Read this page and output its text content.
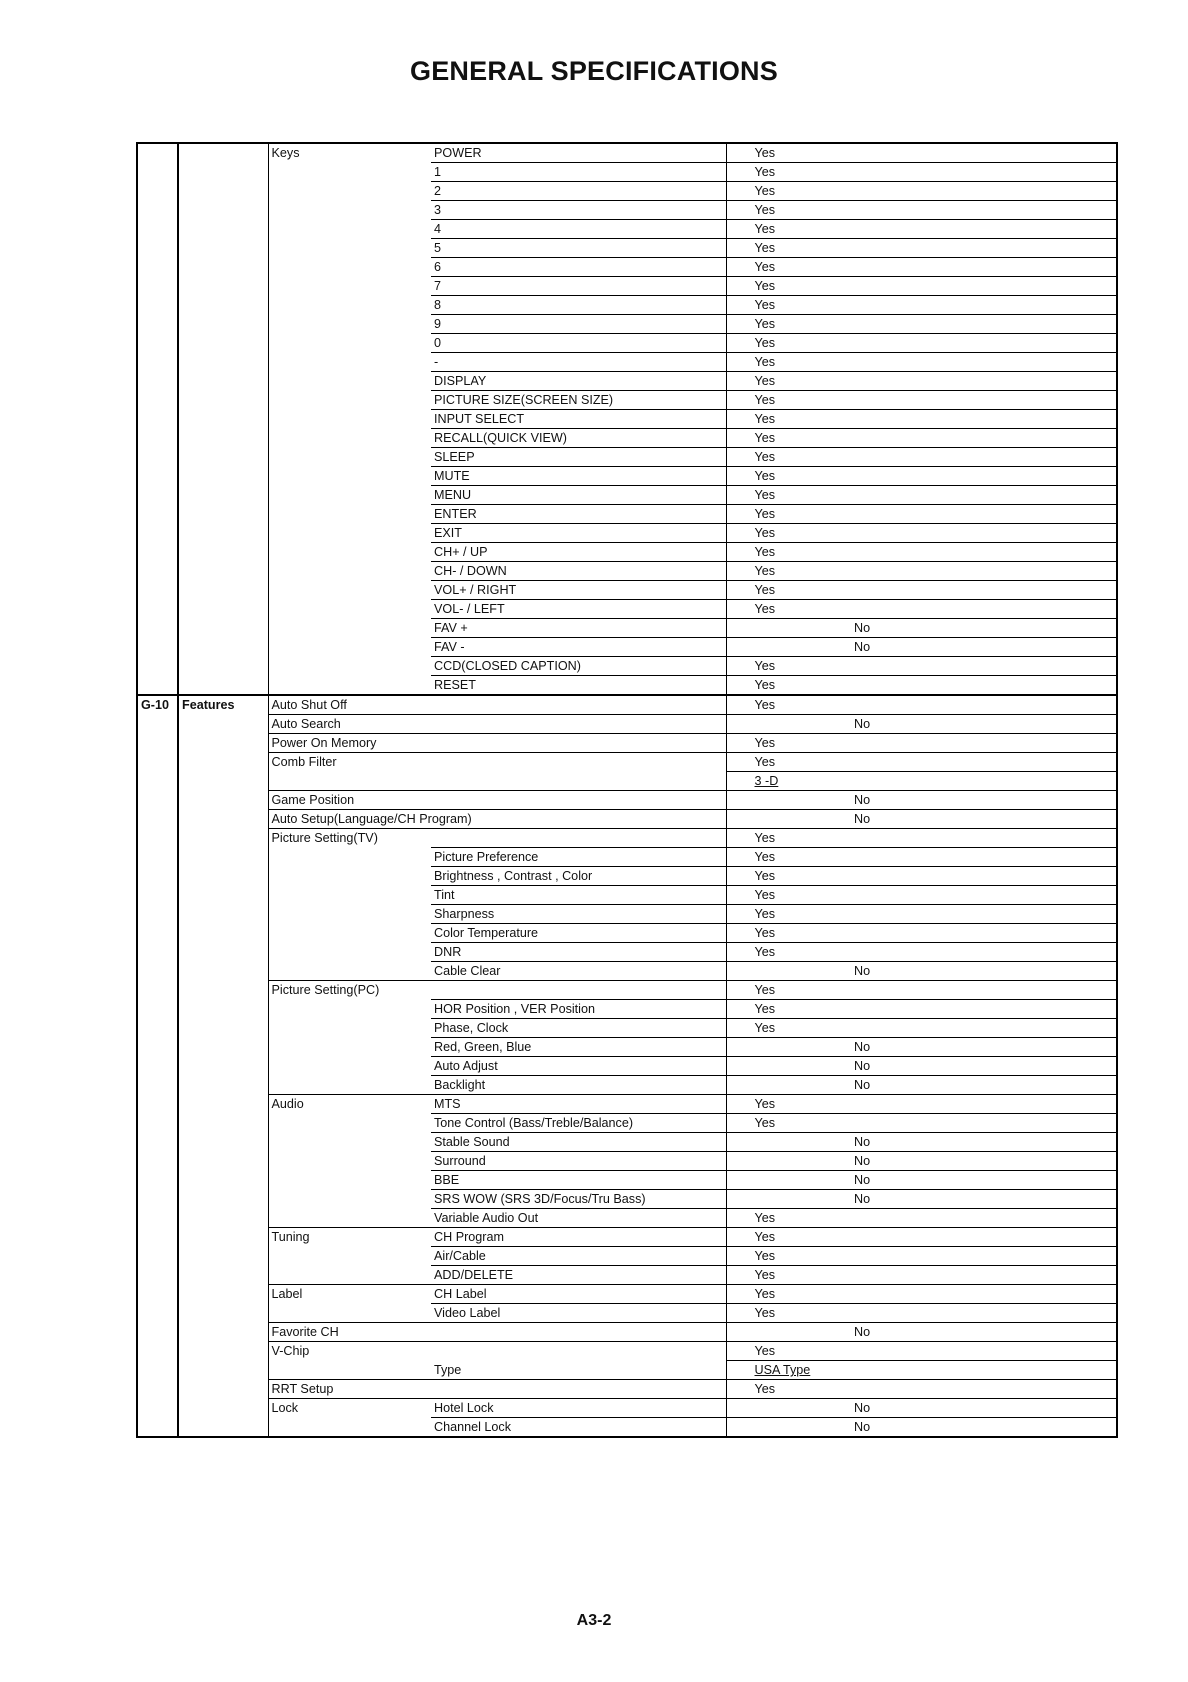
GENERAL SPECIFICATIONS
		Keys	POWER	Yes	
			1	Yes	
			2	Yes	
			3	Yes	
			4	Yes	
			5	Yes	
			6	Yes	
			7	Yes	
			8	Yes	
			9	Yes	
			0	Yes	
			-	Yes	
			DISPLAY	Yes	
			PICTURE SIZE(SCREEN SIZE)	Yes	
			INPUT SELECT	Yes	
			RECALL(QUICK VIEW)	Yes	
			SLEEP	Yes	
			MUTE	Yes	
			MENU	Yes	
			ENTER	Yes	
			EXIT	Yes	
			CH+ / UP	Yes	
			CH- / DOWN	Yes	
			VOL+ / RIGHT	Yes	
			VOL- / LEFT	Yes	
			FAV +		No
			FAV -		No
			CCD(CLOSED CAPTION)	Yes	
			RESET	Yes	
G-10	Features	Auto Shut Off		Yes	
		Auto Search			No
		Power On Memory		Yes	
		Comb Filter		Yes	
				3 -D	
		Game Position			No
		Auto Setup(Language/CH Program)			No
		Picture Setting(TV)		Yes	
			Picture Preference	Yes	
			Brightness , Contrast , Color	Yes	
			Tint	Yes	
			Sharpness	Yes	
			Color Temperature	Yes	
			DNR	Yes	
			Cable Clear		No
		Picture Setting(PC)		Yes	
			HOR Position , VER Position	Yes	
			Phase, Clock	Yes	
			Red, Green, Blue		No
			Auto Adjust		No
			Backlight		No
		Audio	MTS	Yes	
			Tone Control (Bass/Treble/Balance)	Yes	
			Stable Sound		No
			Surround		No
			BBE		No
			SRS WOW (SRS 3D/Focus/Tru Bass)		No
			Variable Audio Out	Yes	
		Tuning	CH Program	Yes	
			Air/Cable	Yes	
			ADD/DELETE	Yes	
		Label	CH Label	Yes	
			Video Label	Yes	
		Favorite CH			No
		V-Chip		Yes	
			Type	USA Type	
		RRT Setup		Yes	
		Lock	Hotel Lock		No
			Channel Lock		No
A3-2
